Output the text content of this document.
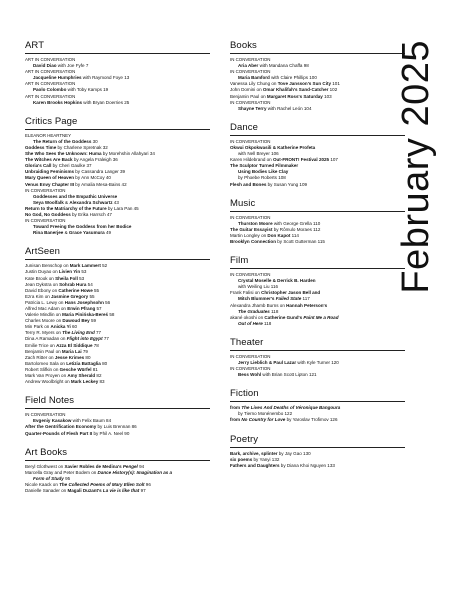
ART
ART IN CONVERSATION
David Diao with Joe Fyfe 7
ART IN CONVERSATION
Jacqueline Humphries with Raymond Foye 13
ART IN CONVERSATION
Paolo Colombo with Toby Kamps 19
ART IN CONVERSATION
Karen Brooks Hopkins with Bryan Doerries 25
Critics Page
ELEANOR HEARTNEY
The Return of the Goddess 30
Goddess Time by Charlene Spretnak 32
She Who Sees the Unknown: Huma by Morehshin Allahyari 34
The Witches Are Back by Angela Fraleigh 36
Gloria's Call by Cheri Gaulke 37
Unbraiding Feminisms by Cassandra Langer 39
Mary Queen of Heaven by Ann McCoy 40
Venus Envy Chapter III by Amalia Mesa-Bains 42
IN CONVERSATION
Goddesses and the Empathic Universe
Seya Woolfalk & Alexandra Schwartz 43
Return to the Matriarchy of the Future by Lara Pan 45
No God, No Goddess by Erika Harrsch 47
IN CONVERSATION
Toward Freeing the Goddess from her Bodice
Rina Banerjee & Grace Yasumura 49
ArtSeen
Junisan Benschop on Mark Lammert 52
Justin Duyao on Livien Yin 53
Kate Brook on Sheila Foll 53
Jean Dykstra on Sohrab Hura 54
David Ebony on Catherine Howe 55
Ezra Kim on Jasmine Gregory 55
Patricia L. Lewy on Hans Josephsohn 56
Alfred Mac Adam on Erwin Pfrang 57
Valerie Mindlin on Maria Pinińska-Bereś 58
Charles Moore on Dawoud Bey 59
Min Park on Anicka Yi 60
Terry R. Myers on The Living End 77
Dina A Ramadan on Flight into Egypt 77
Emilie Trice on Azza El Siddique 78
Benjamin Paul on Maria Lai 79
Zach Ritter on Jesse Krimes 80
Bartolomeo Sala on Letizia Battaglia 80
Robert Slifkin on Gesche Würfel 81
Mark Van Proyen on Amy Sherald 82
Andrew Woolbright on Mark Leckey 83
Field Notes
IN CONVERSATION
Evgeniy Kasakow with Felix Baum 84
After the Gentrification Economy by Luis Brennan 86
Quarter-Pounds of Flesh Part II by Phil A. Neel 90
Art Books
Beryl Glothwest on Xavier Robles de Medina's Pengel 94
Marcella Gray and Peter Bodem on Dance History(s): Imagination as a
Form of Study 95
Nicole Kaack on The Collected Poems of Mary Ellen Solt 96
Danielle Sanader on Magali Duzant's La vie is like that 97
Books
IN CONVERSATION
Aria Aber with Mandana Chaffa 98
IN CONVERSATION
Maria Bamford with Claire Phillips 100
Vanessa Lily Chung on Tove Jansson's Sun City 101
John Domini on Omar Khalifah's Sand-Catcher 102
Benjamin Paul on Margaret Ross's Saturday 103
IN CONVERSATION
Shayne Terry with Rachel León 104
Dance
IN CONVERSATION
Okwui Okpokwasili & Katherine Profeta
with Nell Breyer 106
Karen Hildebrand on Out-FRONT! Festival 2025 107
The Sculptor Turned Filmmaker
Using Bodies Like Clay
by Phoebe Roberts 108
Flesh and Bones by Susan Yung 109
Music
IN CONVERSATION
Thurston Moore with George Grella 110
The Guitar Essayist by Rômulo Moraes 112
Martin Longley on Don Kapot 114
Brooklyn Connection by Scott Gutterman 115
Film
IN CONVERSATION
Crystal Moselle & Derrick B. Harden
with Weiling Liu 116
Frank Falisi on Christopher Jason Bell and
Mitch Blummer's Failed State 117
Alexandra Jhamb Burns on Hannah Peterson's
The Graduates 118
akané okoshi on Catherine Gund's Paint Me a Road
Out of Here 118
Theater
IN CONVERSATION
Jerry Lieblich & Paul Lazar with Kyle Turner 120
IN CONVERSATION
Bess Wohl with Brian Scott Lipton 121
Fiction
from The Lives And Deaths of Véronique Bangoura
by Tierno Monénembo 122
from No Country for Love by Yaroslav Trofimov 126
Poetry
Bark, archive, splinter by Jay Gao 130
six poems by Yanyi 132
Fathers and Daughters by Diana Khoi Nguyen 133
February 2025
